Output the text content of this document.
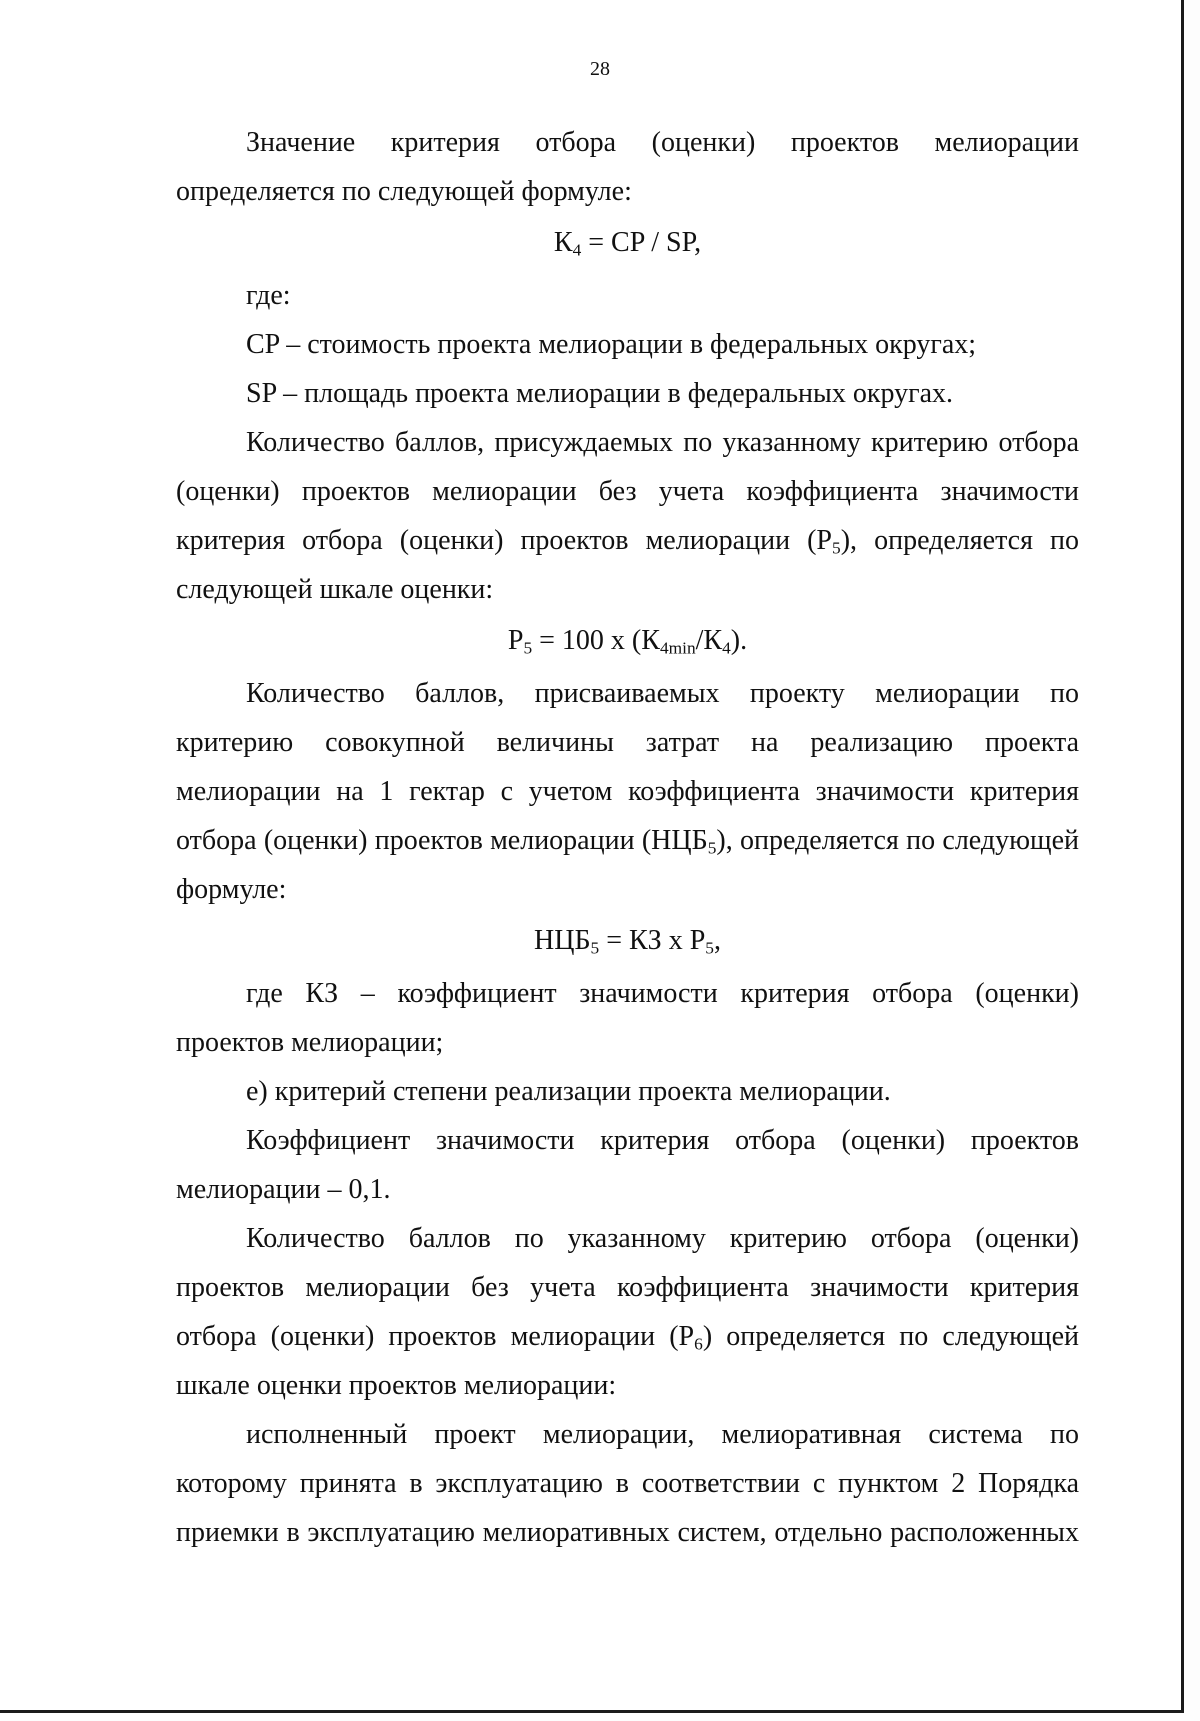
28

Значение критерия отбора (оценки) проектов мелиорации определяется по следующей формуле:

$К_4$ = CP / SP,

где:

CP – стоимость проекта мелиорации в федеральных округах;

SP – площадь проекта мелиорации в федеральных округах.

Количество баллов, присуждаемых по указанному критерию отбора (оценки) проектов мелиорации без учета коэффициента значимости критерия отбора (оценки) проектов мелиорации $(Р_5)$, определяется по следующей шкале оценки:

$Р_5 = 100$ х $(К_{4min}/К_4)$.

Количество баллов, присваиваемых проекту мелиорации по критерию совокупной величины затрат на реализацию проекта мелиорации на 1 гектар с учетом коэффициента значимости критерия отбора (оценки) проектов мелиорации $(НЦБ_5)$, определяется по следующей формуле:

$НЦБ_5$ = КЗ х $Р_5$,

где КЗ – коэффициент значимости критерия отбора (оценки) проектов мелиорации;

е) критерий степени реализации проекта мелиорации.

Коэффициент значимости критерия отбора (оценки) проектов мелиорации – 0,1.

Количество баллов по указанному критерию отбора (оценки) проектов мелиорации без учета коэффициента значимости критерия отбора (оценки) проектов мелиорации $(Р_6)$ определяется по следующей шкале оценки проектов мелиорации:

исполненный проект мелиорации, мелиоративная система по которому принята в эксплуатацию в соответствии с пунктом 2 Порядка приемки в эксплуатацию мелиоративных систем, отдельно расположенных
